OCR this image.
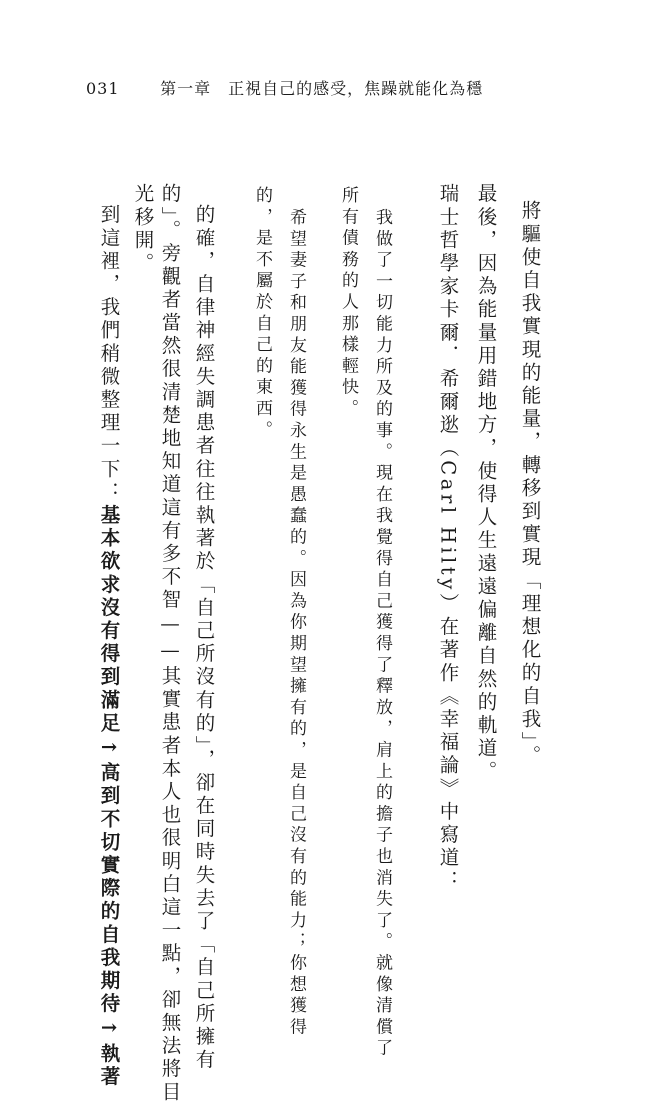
031	第一章　正視自己的感受，焦躁就能化為穩
將驅使自我實現的能量，轉移到實現「理想化的自我」。
最後，因為能量用錯地方，使得人生遠遠偏離自然的軌道。
瑞士哲學家卡爾．希爾逖（Carl Hilty）在著作《幸福論》中寫道：
我做了一切能力所及的事。現在我覺得自己獲得了釋放，肩上的擔子也消失了。就像清償了
所有債務的人那樣輕快。
希望妻子和朋友能獲得永生是愚蠢的。因為你期望擁有的，是自己沒有的能力；你想獲得
的，是不屬於自己的東西。
的確，自律神經失調患者往往執著於「自己所沒有的」，卻在同時失去了「自己所擁有
的」。旁觀者當然很清楚地知道這有多不智——其實患者本人也很明白這一點，卻無法將目
光移開。
到這裡，我們稍微整理一下：基本欲求沒有得到滿足→高到不切實際的自我期待→執著
